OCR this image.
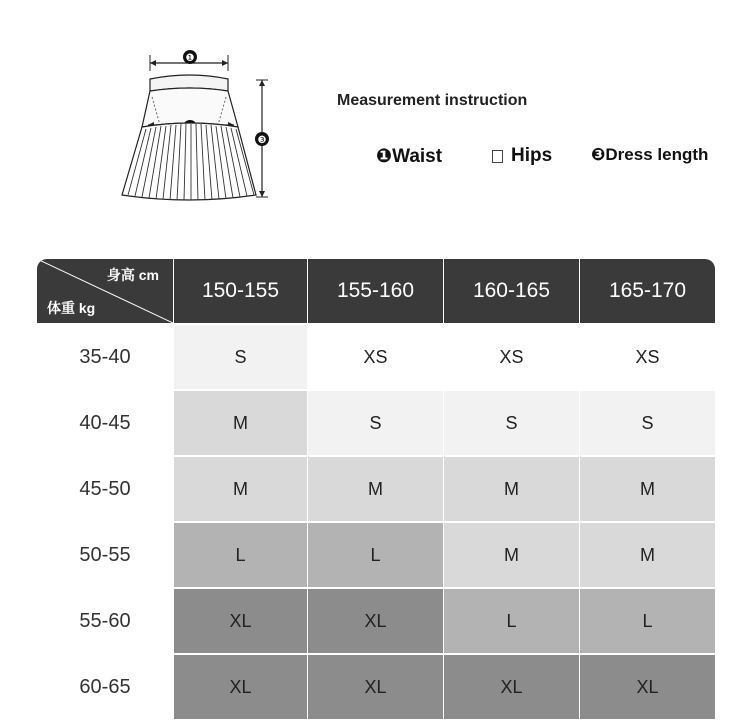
❶
❸
Measurement instruction
❶ Waist	Hips ❸ Dress length
身高 cm
体重 kg
150-155	155-160	160-165	165-170
35-40	S	XS	XS	XS
40-45	M	S	S	S
45-50	M	M	M	M
50-55	L	L	M	M
55-60	XL	XL	L	L
60-65	XL	XL	XL	XL
